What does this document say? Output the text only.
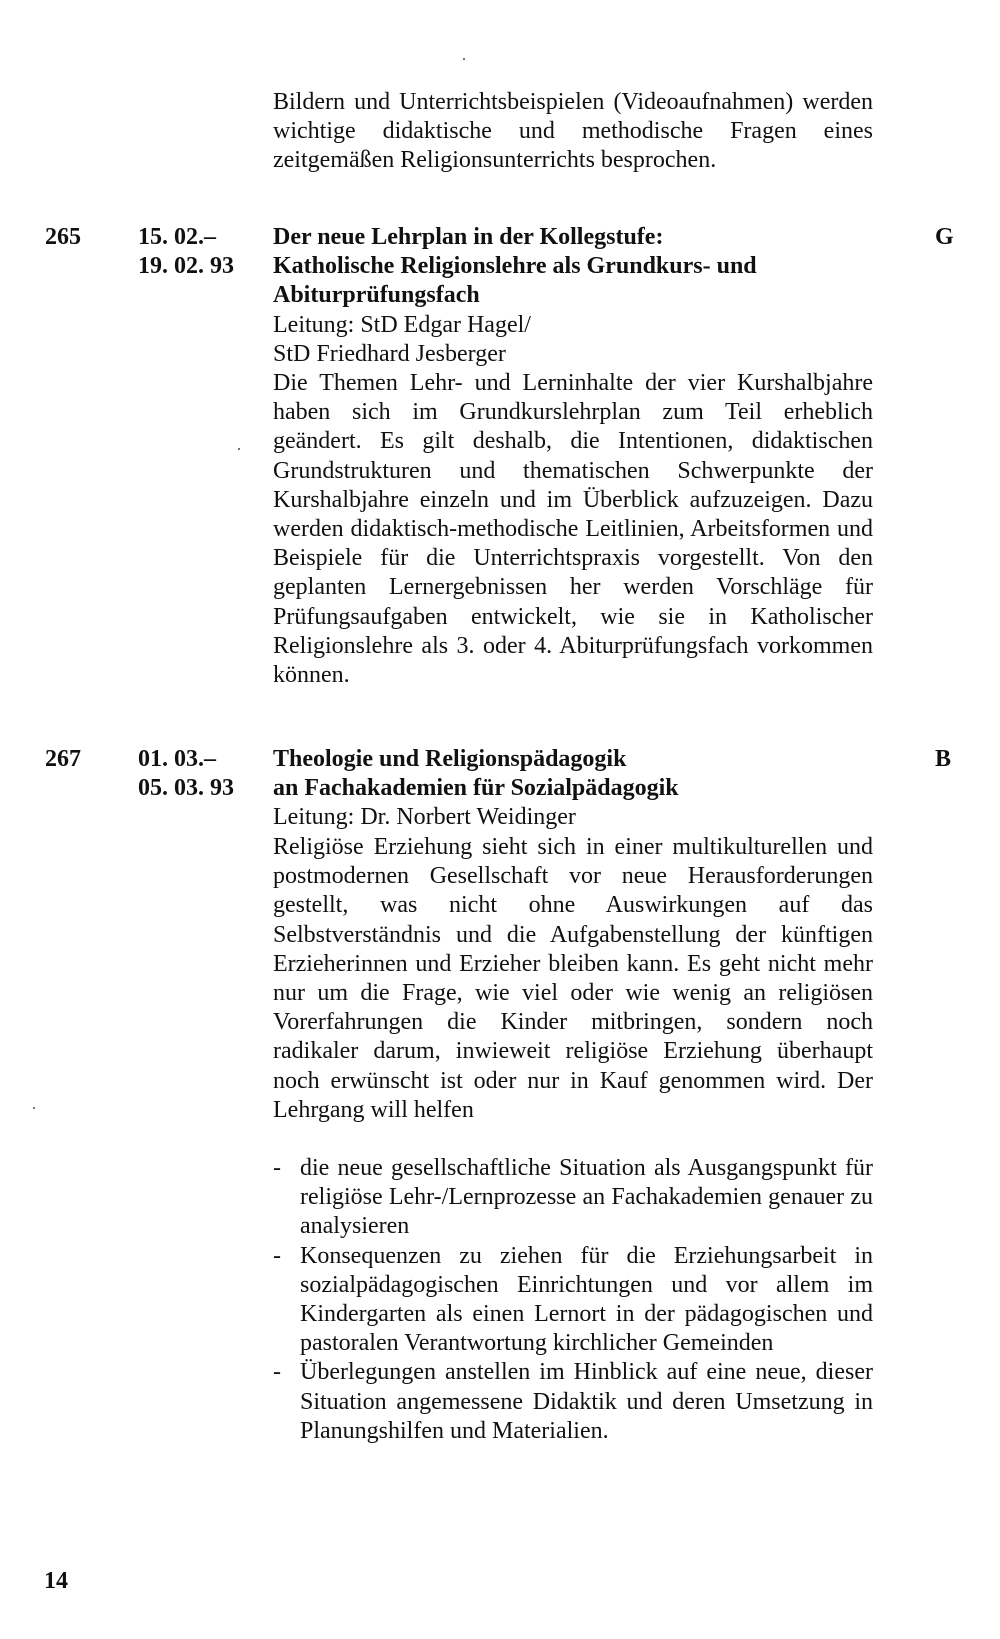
Bildern und Unterrichtsbeispielen (Videoaufnahmen) werden wichtige didaktische und methodische Fragen eines zeitgemäßen Religionsunterrichts besprochen.

265 15. 02.–
19. 02. 93
G
Der neue Lehrplan in der Kollegstufe:
Katholische Religionslehre als Grundkurs- und
Abiturprüfungsfach
Leitung: StD Edgar Hagel/
StD Friedhard Jesberger

Die Themen Lehr- und Lerninhalte der vier Kurshalbjahre haben sich im Grundkurslehrplan zum Teil erheblich geändert. Es gilt deshalb, die Intentionen, didaktischen Grundstrukturen und thematischen Schwerpunkte der Kurshalbjahre einzeln und im Überblick aufzuzeigen. Dazu werden didaktisch-methodische Leitlinien, Arbeitsformen und Beispiele für die Unterrichtspraxis vorgestellt. Von den geplanten Lernergebnissen her werden Vorschläge für Prüfungsaufgaben entwickelt, wie sie in Katholischer Religionslehre als 3. oder 4. Abiturprüfungsfach vorkommen können.

267 01. 03.–
05. 03. 93
B
Theologie und Religionspädagogik
an Fachakademien für Sozialpädagogik
Leitung: Dr. Norbert Weidinger

Religiöse Erziehung sieht sich in einer multikulturellen und postmodernen Gesellschaft vor neue Herausforderungen gestellt, was nicht ohne Auswirkungen auf das Selbstverständnis und die Aufgabenstellung der künftigen Erzieherinnen und Erzieher bleiben kann. Es geht nicht mehr nur um die Frage, wie viel oder wie wenig an religiösen Vorerfahrungen die Kinder mitbringen, sondern noch radikaler darum, inwieweit religiöse Erziehung überhaupt noch erwünscht ist oder nur in Kauf genommen wird. Der Lehrgang will helfen

- die neue gesellschaftliche Situation als Ausgangspunkt für religiöse Lehr-/Lernprozesse an Fachakademien genauer zu analysieren
- Konsequenzen zu ziehen für die Erziehungsarbeit in sozialpädagogischen Einrichtungen und vor allem im Kindergarten als einen Lernort in der pädagogischen und pastoralen Verantwortung kirchlicher Gemeinden
- Überlegungen anstellen im Hinblick auf eine neue, dieser Situation angemessene Didaktik und deren Umsetzung in Planungshilfen und Materialien.
14
